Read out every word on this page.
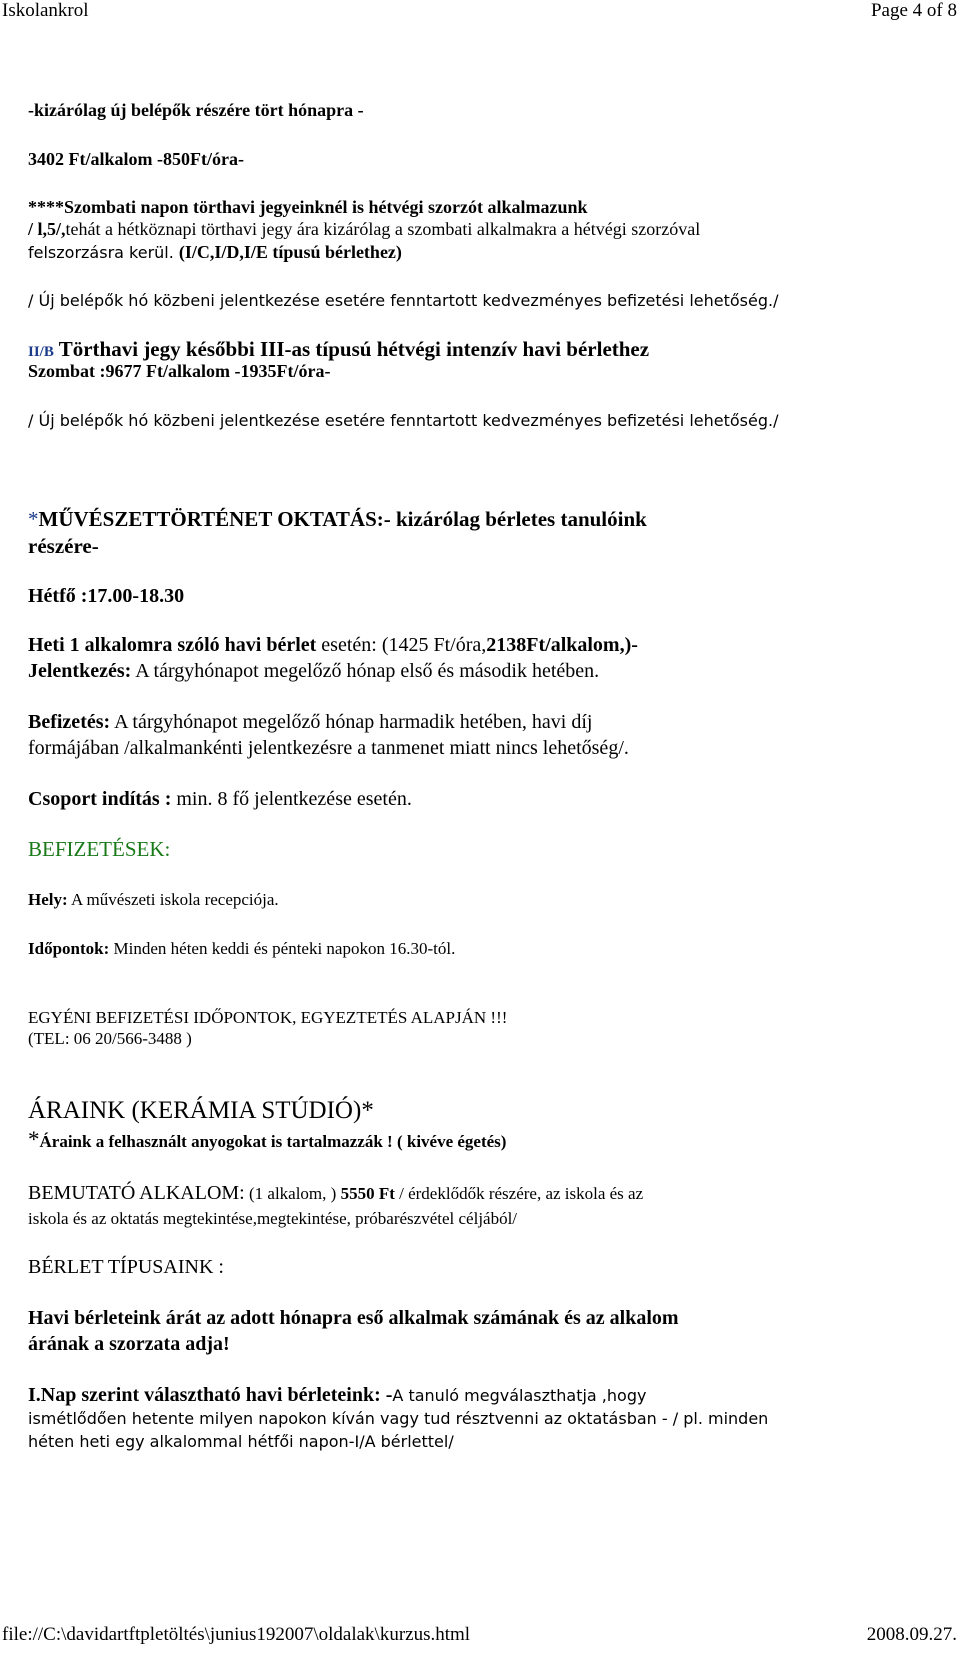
Iskolankrol	Page 4 of 8
-kizárólag új belépők részére tört hónapra -
3402 Ft/alkalom -850Ft/óra-
****Szombati napon törthavi jegyeinknél is hétvégi szorzót alkalmazunk
/ l,5/,tehát a hétköznapi törthavi jegy ára kizárólag a szombati alkalmakra a hétvégi szorzóval
felszorzásra kerül. (I/C,I/D,I/E típusú bérlethez)
/ Új belépők hó közbeni jelentkezése esetére fenntartott kedvezményes befizetési lehetőség./
II/B Törthavi jegy későbbi III-as típusú hétvégi intenzív havi bérlethez
Szombat :9677 Ft/alkalom -1935Ft/óra-
/ Új belépők hó közbeni jelentkezése esetére fenntartott kedvezményes befizetési lehetőség./
*MŰVÉSZETTÖRTÉNET OKTATÁS:- kizárólag bérletes tanulóink
részére-
Hétfő :17.00-18.30
Heti 1 alkalomra szóló havi bérlet esetén: (1425 Ft/óra,2138Ft/alkalom,)-
Jelentkezés: A tárgyhónapot megelőző hónap első és második hetében.
Befizetés: A tárgyhónapot megelőző hónap harmadik hetében, havi díj
formájában /alkalmankénti jelentkezésre a tanmenet miatt nincs lehetőség/.
Csoport indítás : min. 8 fő jelentkezése esetén.
BEFIZETÉSEK:
Hely: A művészeti iskola recepciója.
Időpontok: Minden héten keddi és pénteki napokon 16.30-tól.
EGYÉNI BEFIZETÉSI IDŐPONTOK, EGYEZTETÉS ALAPJÁN !!!
(TEL: 06 20/566-3488 )
ÁRAINK (KERÁMIA STÚDIÓ)*
*Áraink a felhasznált anyogokat is tartalmazzák ! ( kivéve égetés)
BEMUTATÓ ALKALOM: (1 alkalom, ) 5550 Ft / érdeklődők részére, az iskola és az
iskola és az oktatás megtekintése,megtekintése, próbarészvétel céljából/
BÉRLET TÍPUSAINK :
Havi bérleteink árát az adott hónapra eső alkalmak számának és az alkalom
árának a szorzata adja!
I.Nap szerint választható havi bérleteink: -A tanuló megválaszthatja ,hogy
ismétlődően hetente milyen napokon kíván vagy tud résztvenni az oktatásban - / pl. minden
héten heti egy alkalommal hétfői napon-I/A bérlettel/
file://C:\davidartftpletöltés\junius192007\oldalak\kurzus.html	2008.09.27.
